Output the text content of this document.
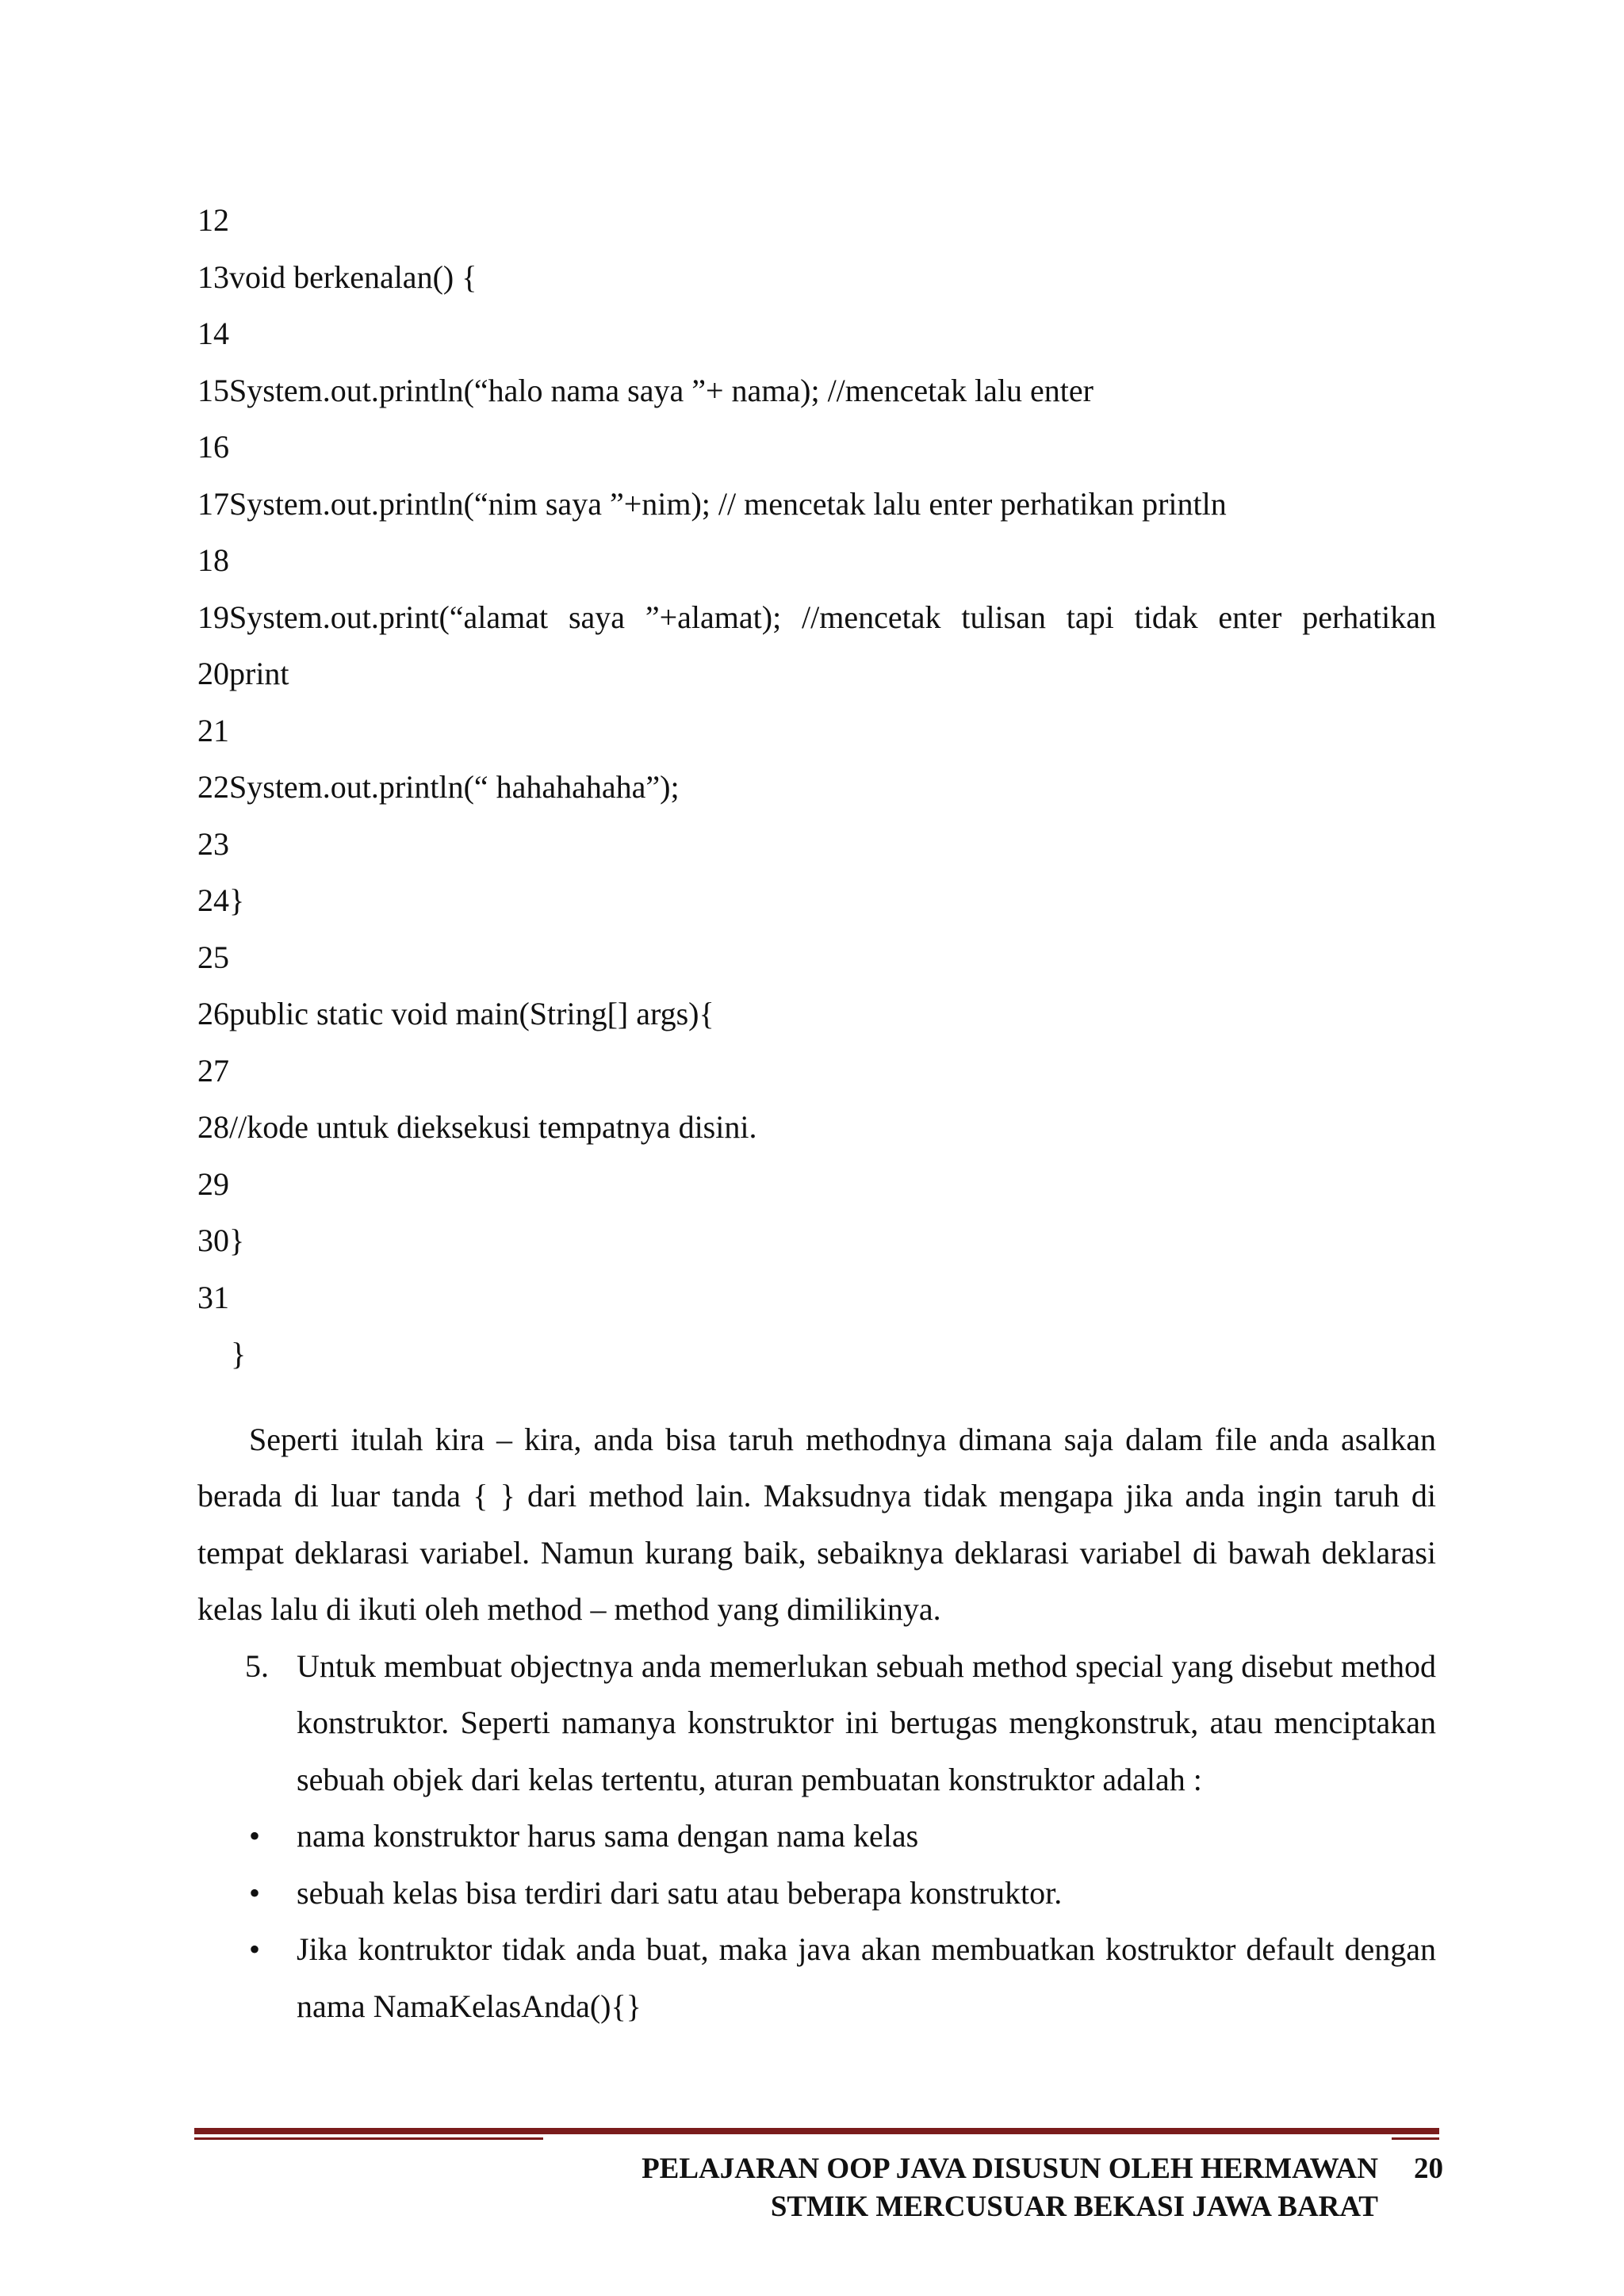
12
13void berkenalan() {
14
15System.out.println(“halo nama saya ”+ nama); //mencetak lalu enter
16
17System.out.println(“nim saya ”+nim); // mencetak lalu enter perhatikan println
18
19System.out.print(“alamat saya ”+alamat); //mencetak tulisan tapi tidak enter perhatikan
20print
21
22System.out.println(“ hahahahaha”);
23
24}
25
26public static void main(String[] args){
27
28//kode untuk dieksekusi tempatnya disini.
29
30}
31
}

Seperti itulah kira – kira, anda bisa taruh methodnya dimana saja dalam file anda asalkan berada di luar tanda { } dari method lain. Maksudnya tidak mengapa jika anda ingin taruh di tempat deklarasi variabel. Namun kurang baik, sebaiknya deklarasi variabel di bawah deklarasi kelas lalu di ikuti oleh method – method yang dimilikinya.

5. Untuk membuat objectnya anda memerlukan sebuah method special yang disebut method konstruktor. Seperti namanya konstruktor ini bertugas mengkonstruk, atau menciptakan sebuah objek dari kelas tertentu, aturan pembuatan konstruktor adalah :
• nama konstruktor harus sama dengan nama kelas
• sebuah kelas bisa terdiri dari satu atau beberapa konstruktor.
• Jika kontruktor tidak anda buat, maka java akan membuatkan kostruktor default dengan nama NamaKelasAnda(){}
PELAJARAN OOP JAVA DISUSUN OLEH HERMAWAN
STMIK MERCUSUAR BEKASI JAWA BARAT
20
